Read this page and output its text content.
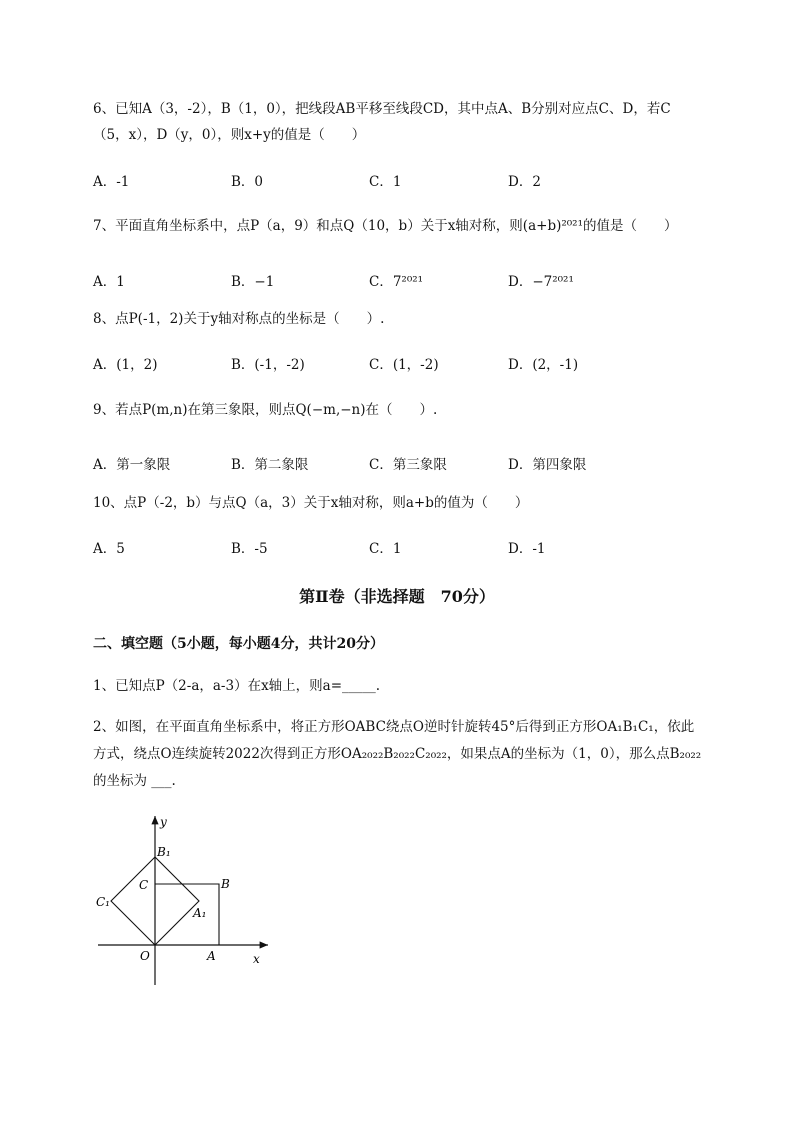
6、已知A（3，-2），B（1，0），把线段AB平移至线段CD，其中点A、B分别对应点C、D，若C
（5，x），D（y，0），则x+y的值是（　　）
A．-1	B．0	C．1	D．2
7、平面直角坐标系中，点P（a，9）和点Q（10，b）关于x轴对称，则(a+b)²⁰²¹的值是（　　）
A．1	B．−1	C．7²⁰²¹	D．−7²⁰²¹
8、点P(-1，2)关于y轴对称点的坐标是（　　）.
A．(1，2)	B．(-1，-2)	C．(1，-2)	D．(2，-1)
9、若点P(m,n)在第三象限，则点Q(−m,−n)在（　　）.
A．第一象限	B．第二象限	C．第三象限	D．第四象限
10、点P（-2，b）与点Q（a，3）关于x轴对称，则a+b的值为（　　）
A．5	B．-5	C．1	D．-1
第Ⅱ卷（非选择题　70分）
二、填空题（5小题，每小题4分，共计20分）
1、已知点P（2-a，a-3）在x轴上，则a=_____.
2、如图，在平面直角坐标系中，将正方形OABC绕点O逆时针旋转45°后得到正方形OA₁B₁C₁，依此
方式，绕点O连续旋转2022次得到正方形OA₂₀₂₂B₂₀₂₂C₂₀₂₂，如果点A的坐标为（1，0），那么点B₂₀₂₂
的坐标为 ___.
y
x
O	A
B
C
A₁
B₁
C₁
